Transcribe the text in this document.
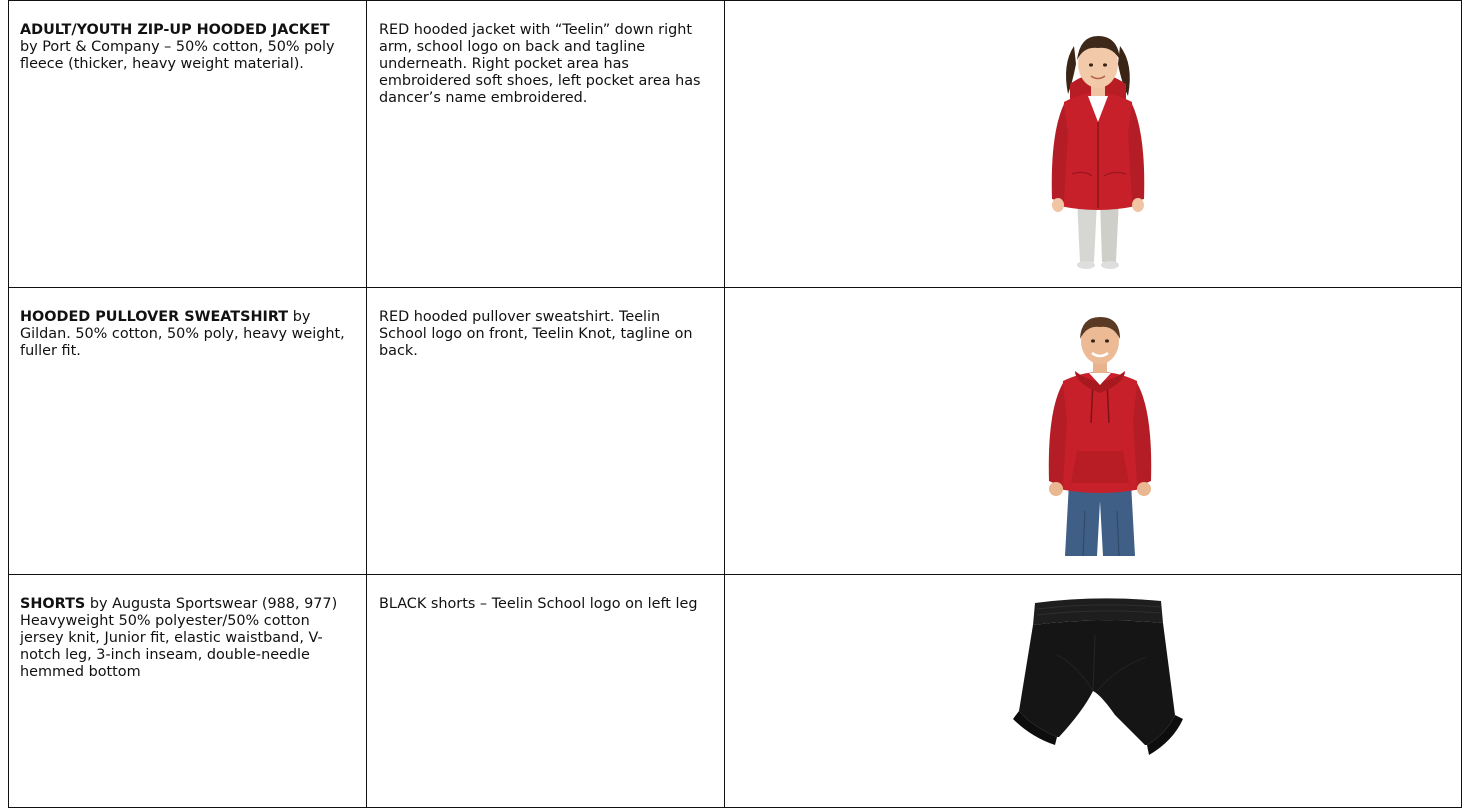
ADULT/YOUTH ZIP-UP HOODED JACKET
by Port & Company – 50% cotton, 50% poly fleece (thicker, heavy weight material).	RED hooded jacket with “Teelin” down right arm, school logo on back and tagline underneath. Right pocket area has embroidered soft shoes, left pocket area has dancer’s name embroidered.	

HOODED PULLOVER SWEATSHIRT by Gildan. 50% cotton, 50% poly, heavy weight, fuller fit.	RED hooded pullover sweatshirt. Teelin School logo on front, Teelin Knot, tagline on back.	

SHORTS by Augusta Sportswear (988, 977) Heavyweight 50% polyester/50% cotton jersey knit, Junior fit, elastic waistband, V-notch leg, 3-inch inseam, double-needle hemmed bottom	BLACK shorts – Teelin School logo on left leg	
